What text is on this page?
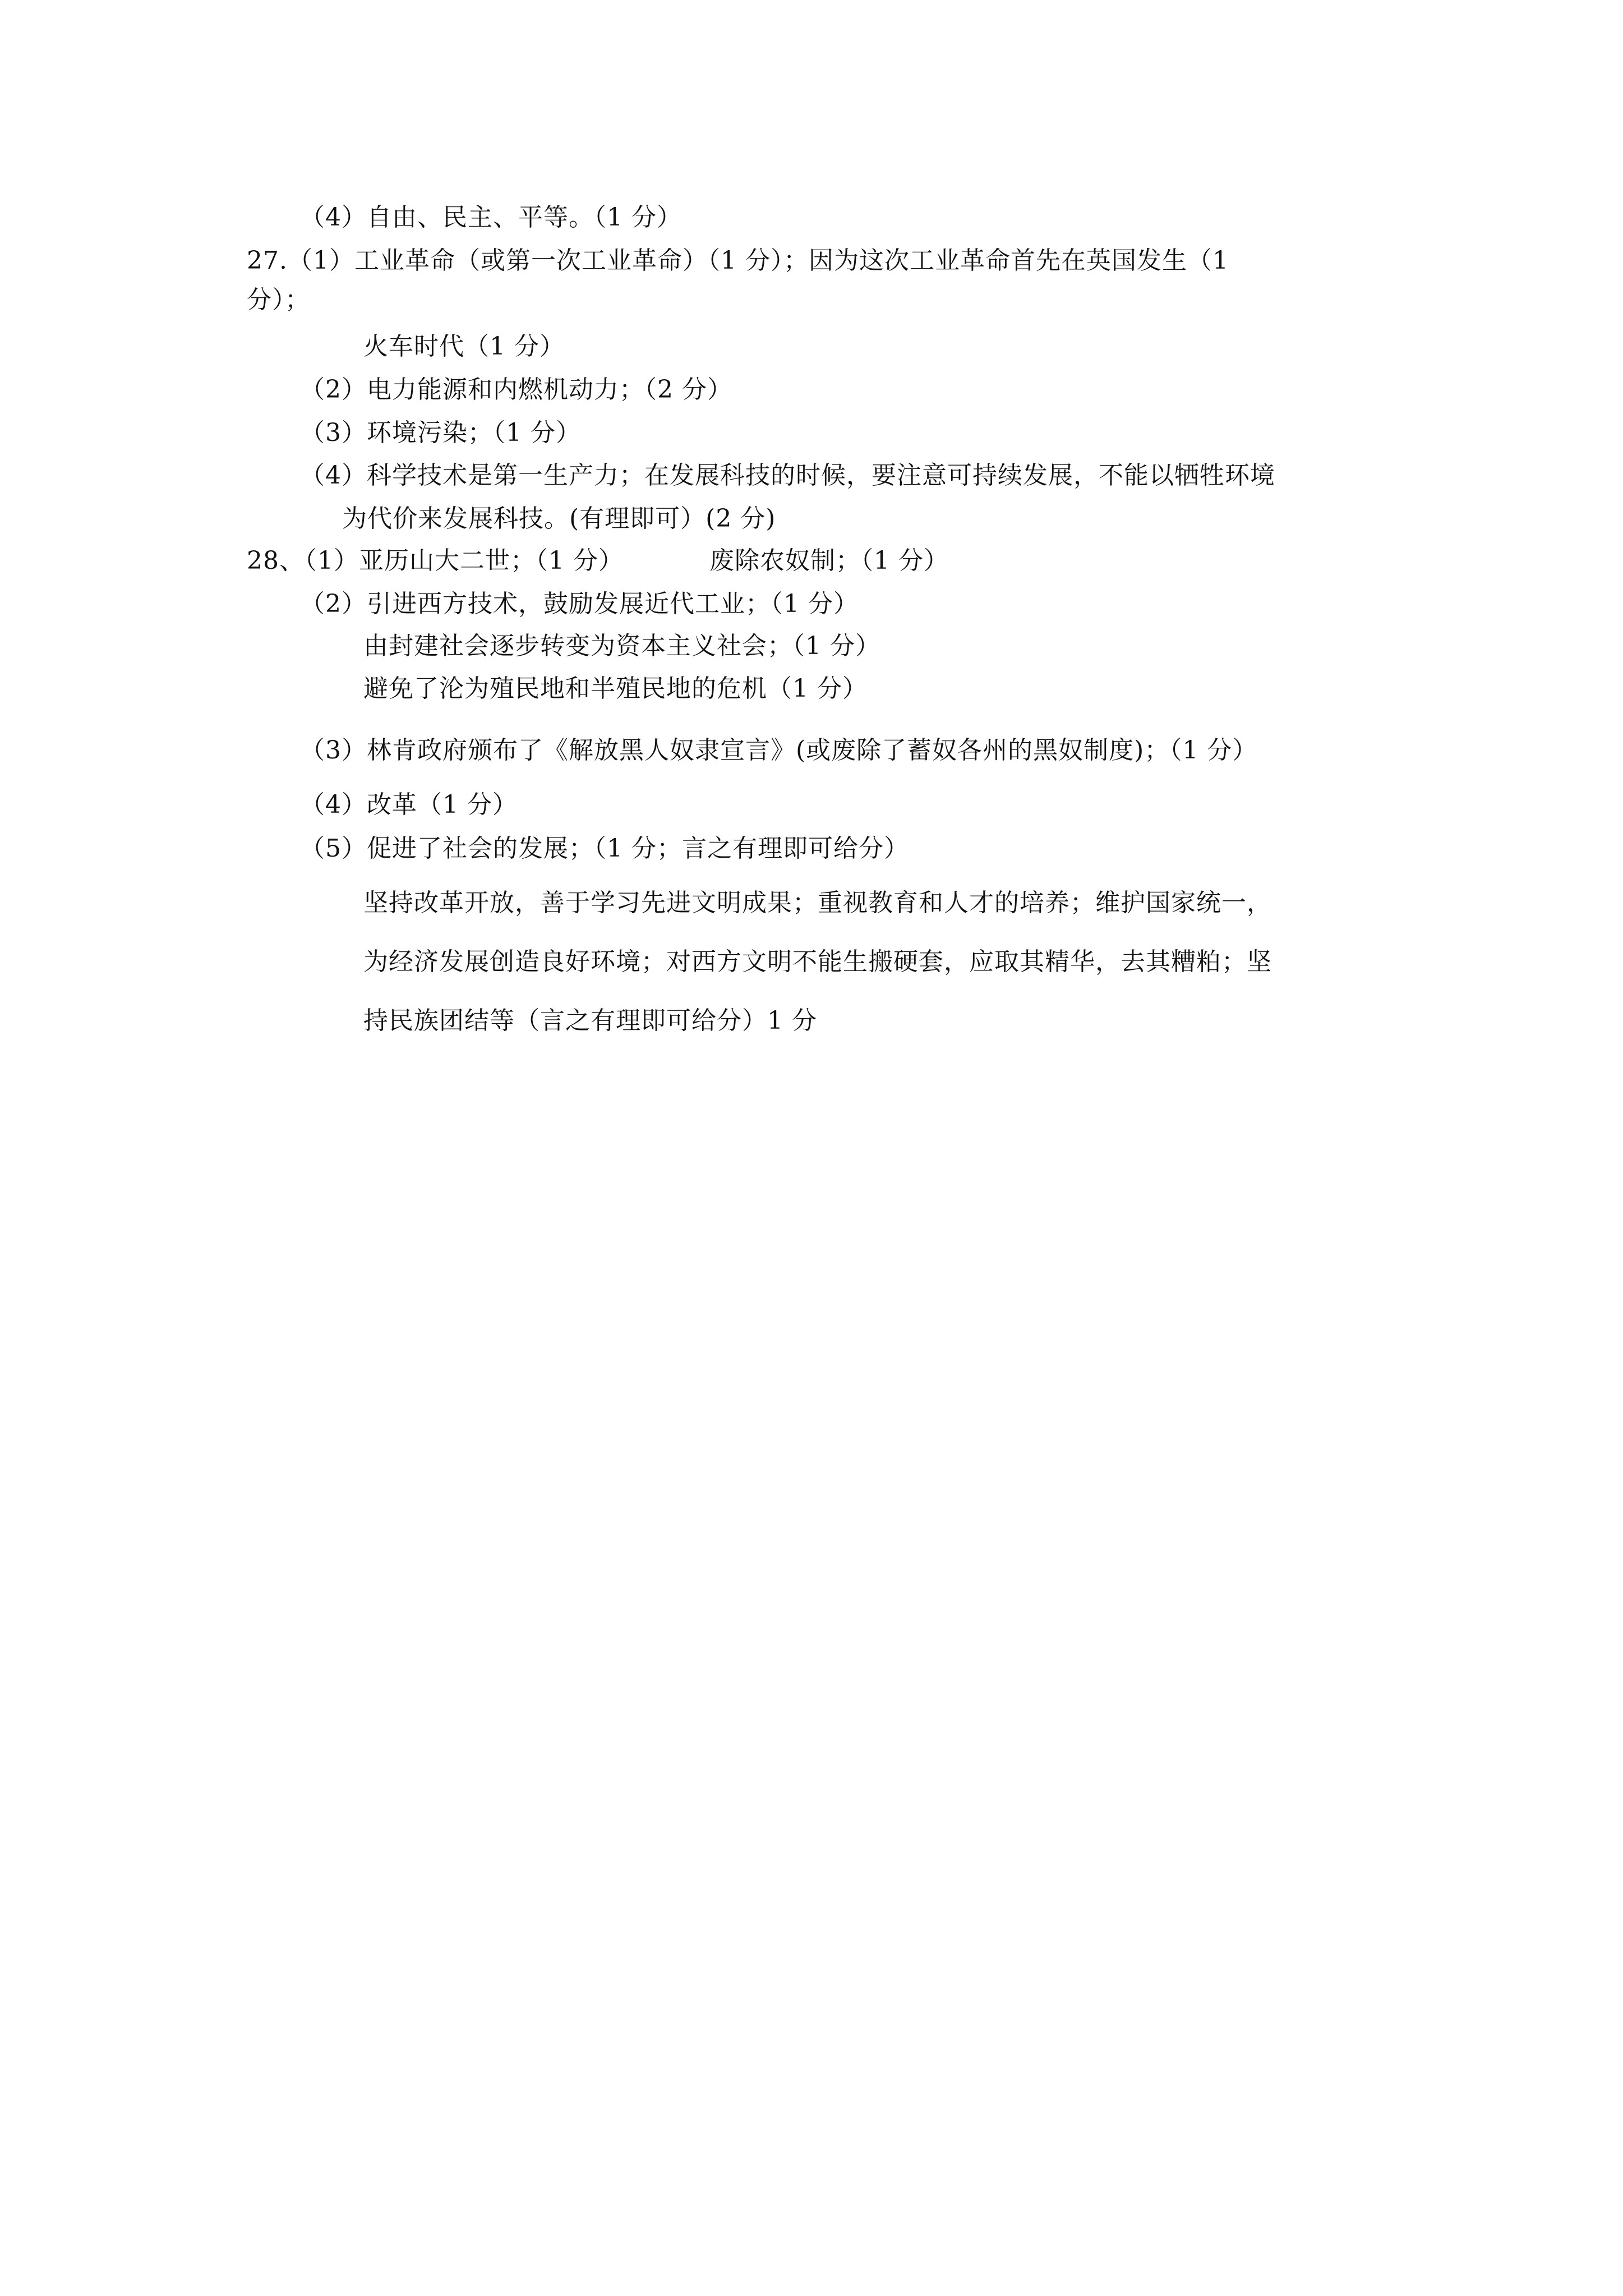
（4）自由、民主、平等。（1 分）
27.（1）工业革命（或第一次工业革命）（1 分）；因为这次工业革命首先在英国发生（1
分）；
火车时代（1 分）
（2）电力能源和内燃机动力；（2 分）
（3）环境污染；（1 分）
（4）科学技术是第一生产力；在发展科技的时候，要注意可持续发展，不能以牺牲环境
为代价来发展科技。(有理即可）(2 分)
28、（1）亚历山大二世；（1 分）	废除农奴制；（1 分）
（2）引进西方技术，鼓励发展近代工业；（1 分）
由封建社会逐步转变为资本主义社会；（1 分）
避免了沦为殖民地和半殖民地的危机（1 分）
（3）林肯政府颁布了《解放黑人奴隶宣言》(或废除了蓄奴各州的黑奴制度)；（1 分）
（4）改革（1 分）
（5）促进了社会的发展；（1 分；言之有理即可给分）
坚持改革开放，善于学习先进文明成果；重视教育和人才的培养；维护国家统一，
为经济发展创造良好环境；对西方文明不能生搬硬套，应取其精华，去其糟粕；坚
持民族团结等（言之有理即可给分）1 分
